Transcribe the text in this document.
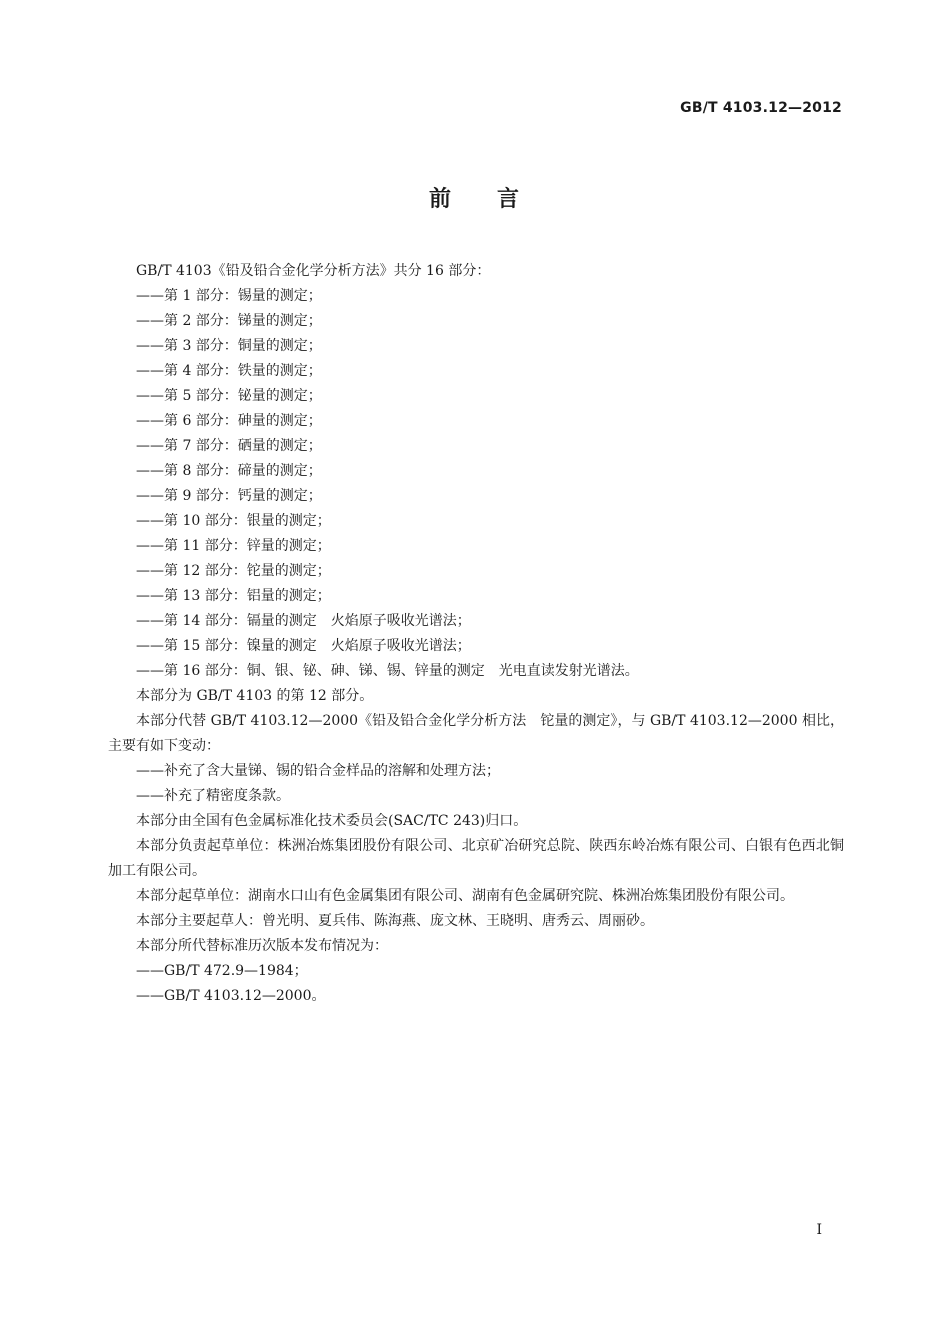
GB/T 4103.12—2012
前 言

GB/T 4103《铅及铅合金化学分析方法》共分 16 部分：

——第 1 部分：锡量的测定；

——第 2 部分：锑量的测定；

——第 3 部分：铜量的测定；

——第 4 部分：铁量的测定；

——第 5 部分：铋量的测定；

——第 6 部分：砷量的测定；

——第 7 部分：硒量的测定；

——第 8 部分：碲量的测定；

——第 9 部分：钙量的测定；

——第 10 部分：银量的测定；

——第 11 部分：锌量的测定；

——第 12 部分：铊量的测定；

——第 13 部分：铝量的测定；

——第 14 部分：镉量的测定　火焰原子吸收光谱法；

——第 15 部分：镍量的测定　火焰原子吸收光谱法；

——第 16 部分：铜、银、铋、砷、锑、锡、锌量的测定　光电直读发射光谱法。

本部分为 GB/T 4103 的第 12 部分。

本部分代替 GB/T 4103.12—2000《铅及铅合金化学分析方法　铊量的测定》，与 GB/T 4103.12—2000 相比，主要有如下变动：

——补充了含大量锑、锡的铅合金样品的溶解和处理方法；

——补充了精密度条款。

本部分由全国有色金属标准化技术委员会(SAC/TC 243)归口。

本部分负责起草单位：株洲冶炼集团股份有限公司、北京矿冶研究总院、陕西东岭冶炼有限公司、白银有色西北铜加工有限公司。

本部分起草单位：湖南水口山有色金属集团有限公司、湖南有色金属研究院、株洲冶炼集团股份有限公司。

本部分主要起草人：曾光明、夏兵伟、陈海燕、庞文林、王晓明、唐秀云、周丽砂。

本部分所代替标准历次版本发布情况为：

——GB/T 472.9—1984；

——GB/T 4103.12—2000。

I
